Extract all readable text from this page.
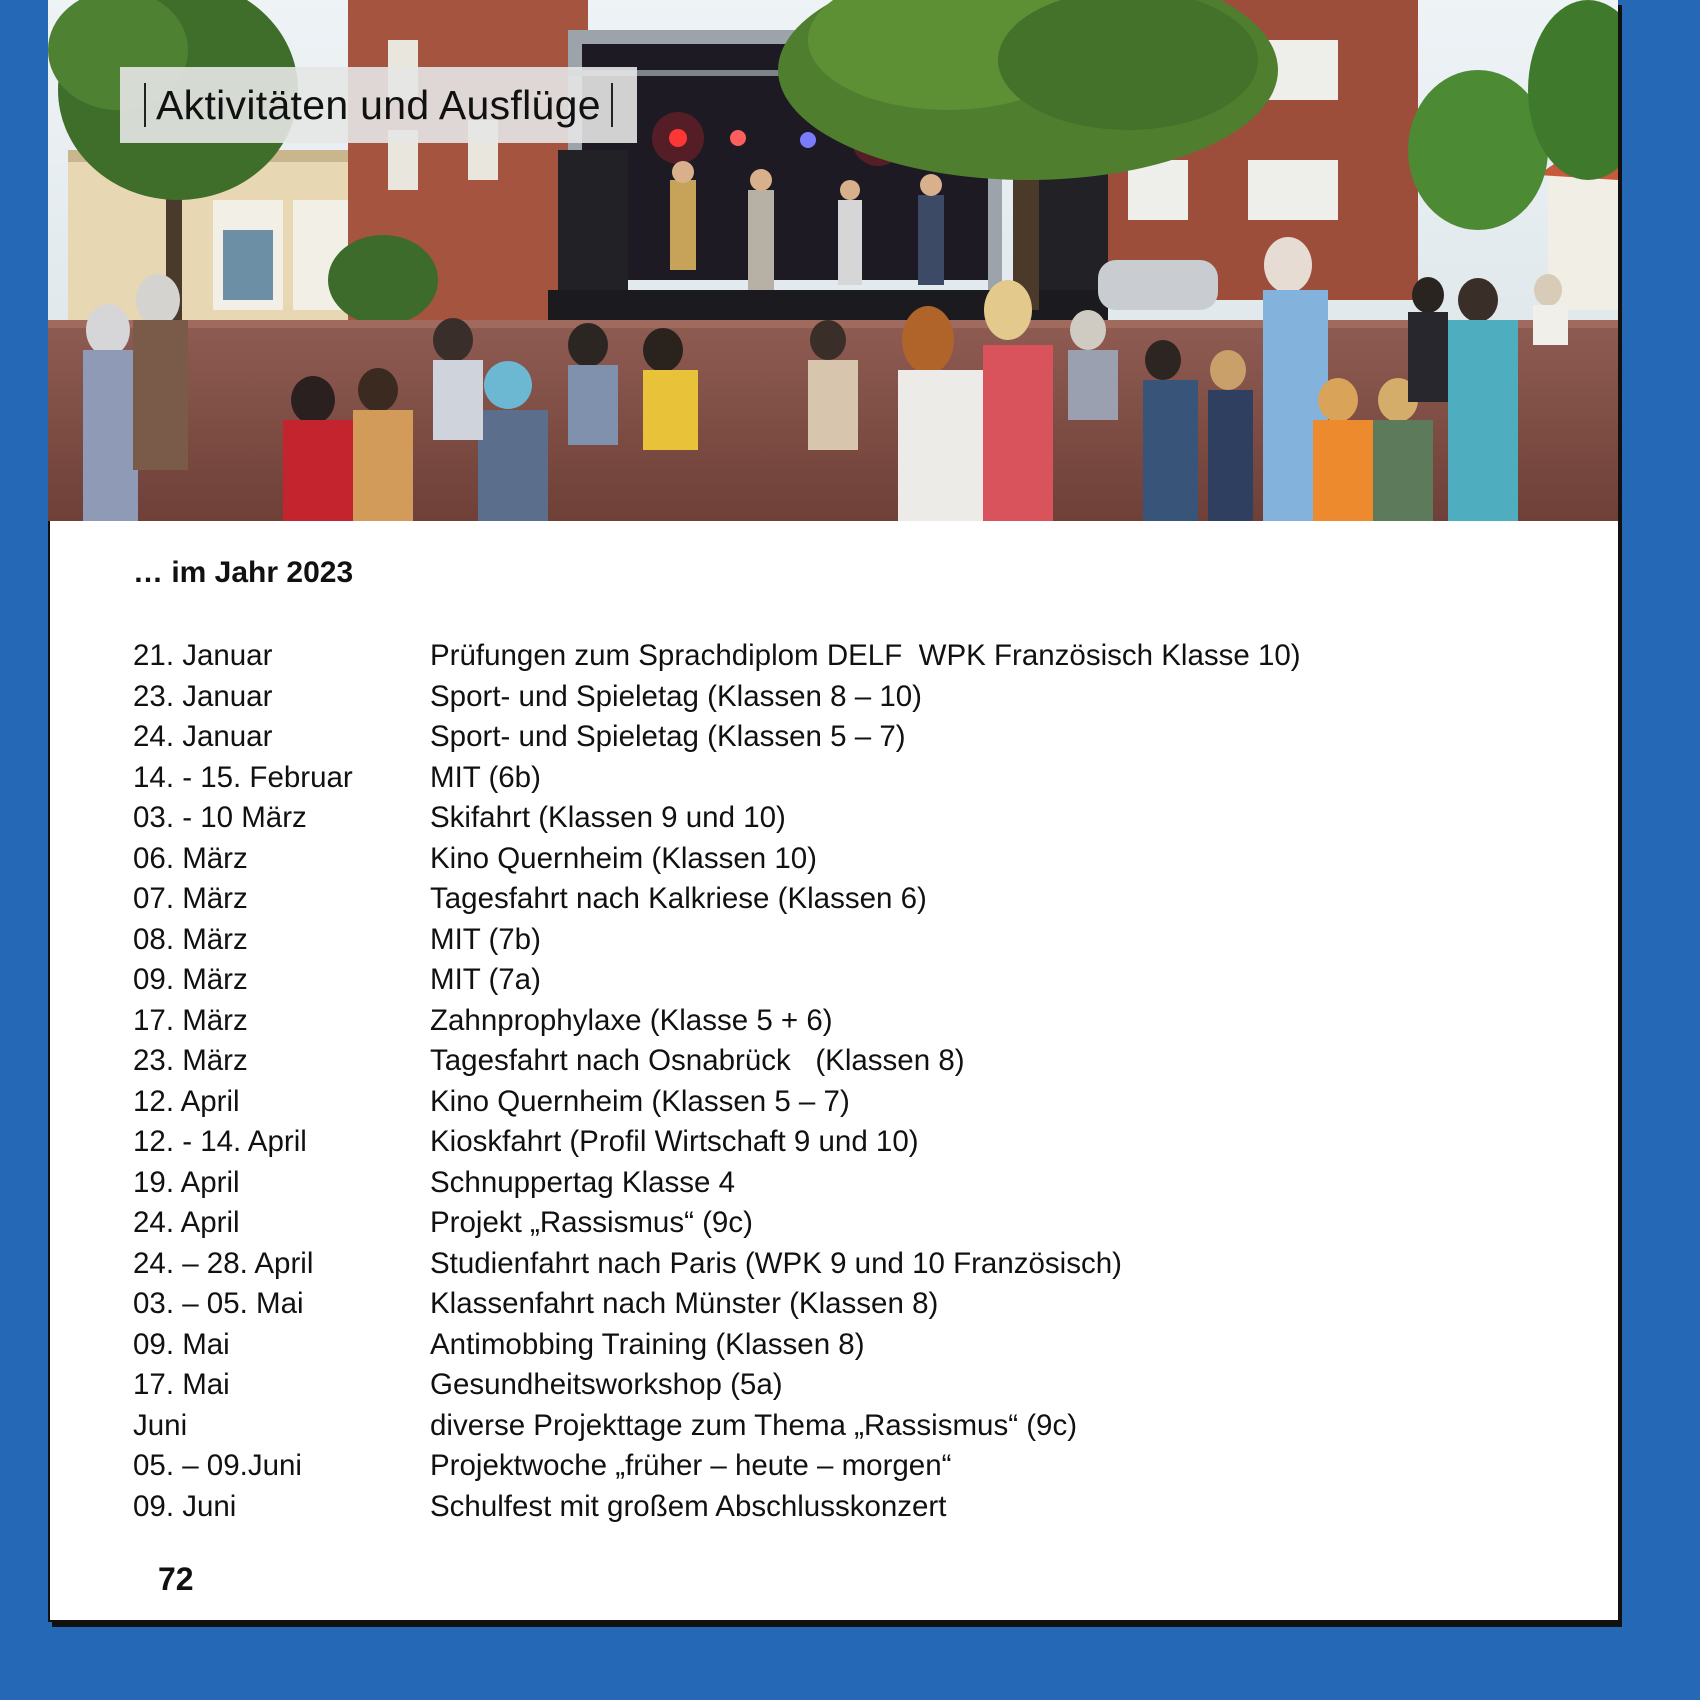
Aktivitäten und Ausflüge
… im Jahr 2023
21. Januar	Prüfungen zum Sprachdiplom DELF  WPK Französisch Klasse 10)
23. Januar	Sport- und Spieletag (Klassen 8 – 10)
24. Januar	Sport- und Spieletag (Klassen 5 – 7)
14. - 15. Februar	MIT (6b)
03. - 10 März	Skifahrt (Klassen 9 und 10)
06. März	Kino Quernheim (Klassen 10)
07. März	Tagesfahrt nach Kalkriese (Klassen 6)
08. März	MIT (7b)
09. März	MIT (7a)
17. März	Zahnprophylaxe (Klasse 5 + 6)
23. März	Tagesfahrt nach Osnabrück   (Klassen 8)
12. April	Kino Quernheim (Klassen 5 – 7)
12. - 14. April	Kioskfahrt (Profil Wirtschaft 9 und 10)
19. April	Schnuppertag Klasse 4
24. April	Projekt „Rassismus“ (9c)
24. – 28. April	Studienfahrt nach Paris (WPK 9 und 10 Französisch)
03. – 05. Mai	Klassenfahrt nach Münster (Klassen 8)
09. Mai	Antimobbing Training (Klassen 8)
17. Mai	Gesundheitsworkshop (5a)
Juni	diverse Projekttage zum Thema „Rassismus“ (9c)
05. – 09.Juni	Projektwoche „früher – heute – morgen“
09. Juni	Schulfest mit großem Abschlusskonzert
72
